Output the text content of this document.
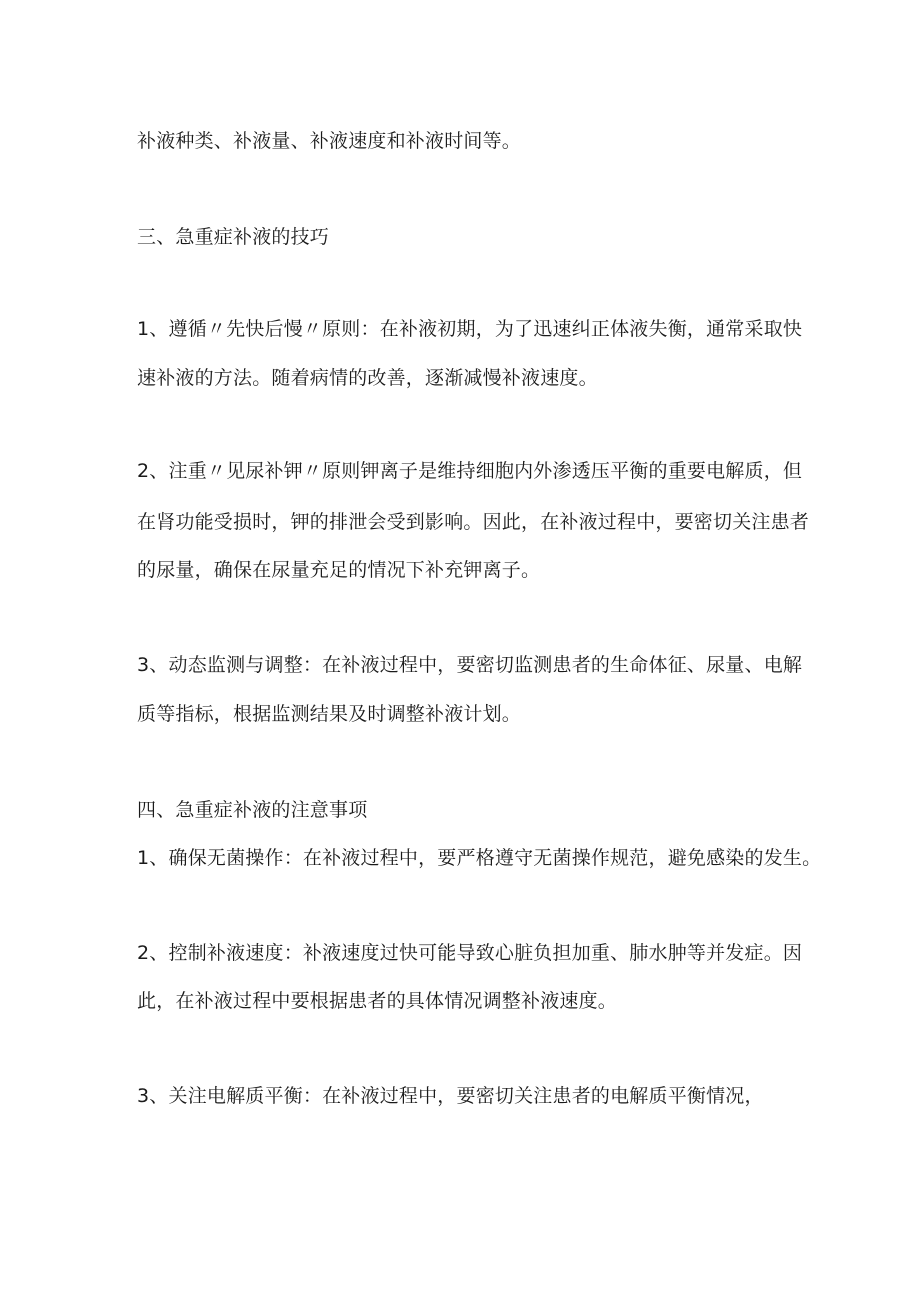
补液种类、补液量、补液速度和补液时间等。

三、急重症补液的技巧

1、遵循〃先快后慢〃原则：在补液初期，为了迅速纠正体液失衡，通常采取快

速补液的方法。随着病情的改善，逐渐减慢补液速度。

2、注重〃见尿补钾〃原则钾离子是维持细胞内外渗透压平衡的重要电解质，但

在肾功能受损时，钾的排泄会受到影响。因此，在补液过程中，要密切关注患者

的尿量，确保在尿量充足的情况下补充钾离子。

3、动态监测与调整：在补液过程中，要密切监测患者的生命体征、尿量、电解

质等指标，根据监测结果及时调整补液计划。

四、急重症补液的注意事项

1、确保无菌操作：在补液过程中，要严格遵守无菌操作规范，避免感染的发生。

2、控制补液速度：补液速度过快可能导致心脏负担加重、肺水肿等并发症。因

此，在补液过程中要根据患者的具体情况调整补液速度。

3、关注电解质平衡：在补液过程中，要密切关注患者的电解质平衡情况，
